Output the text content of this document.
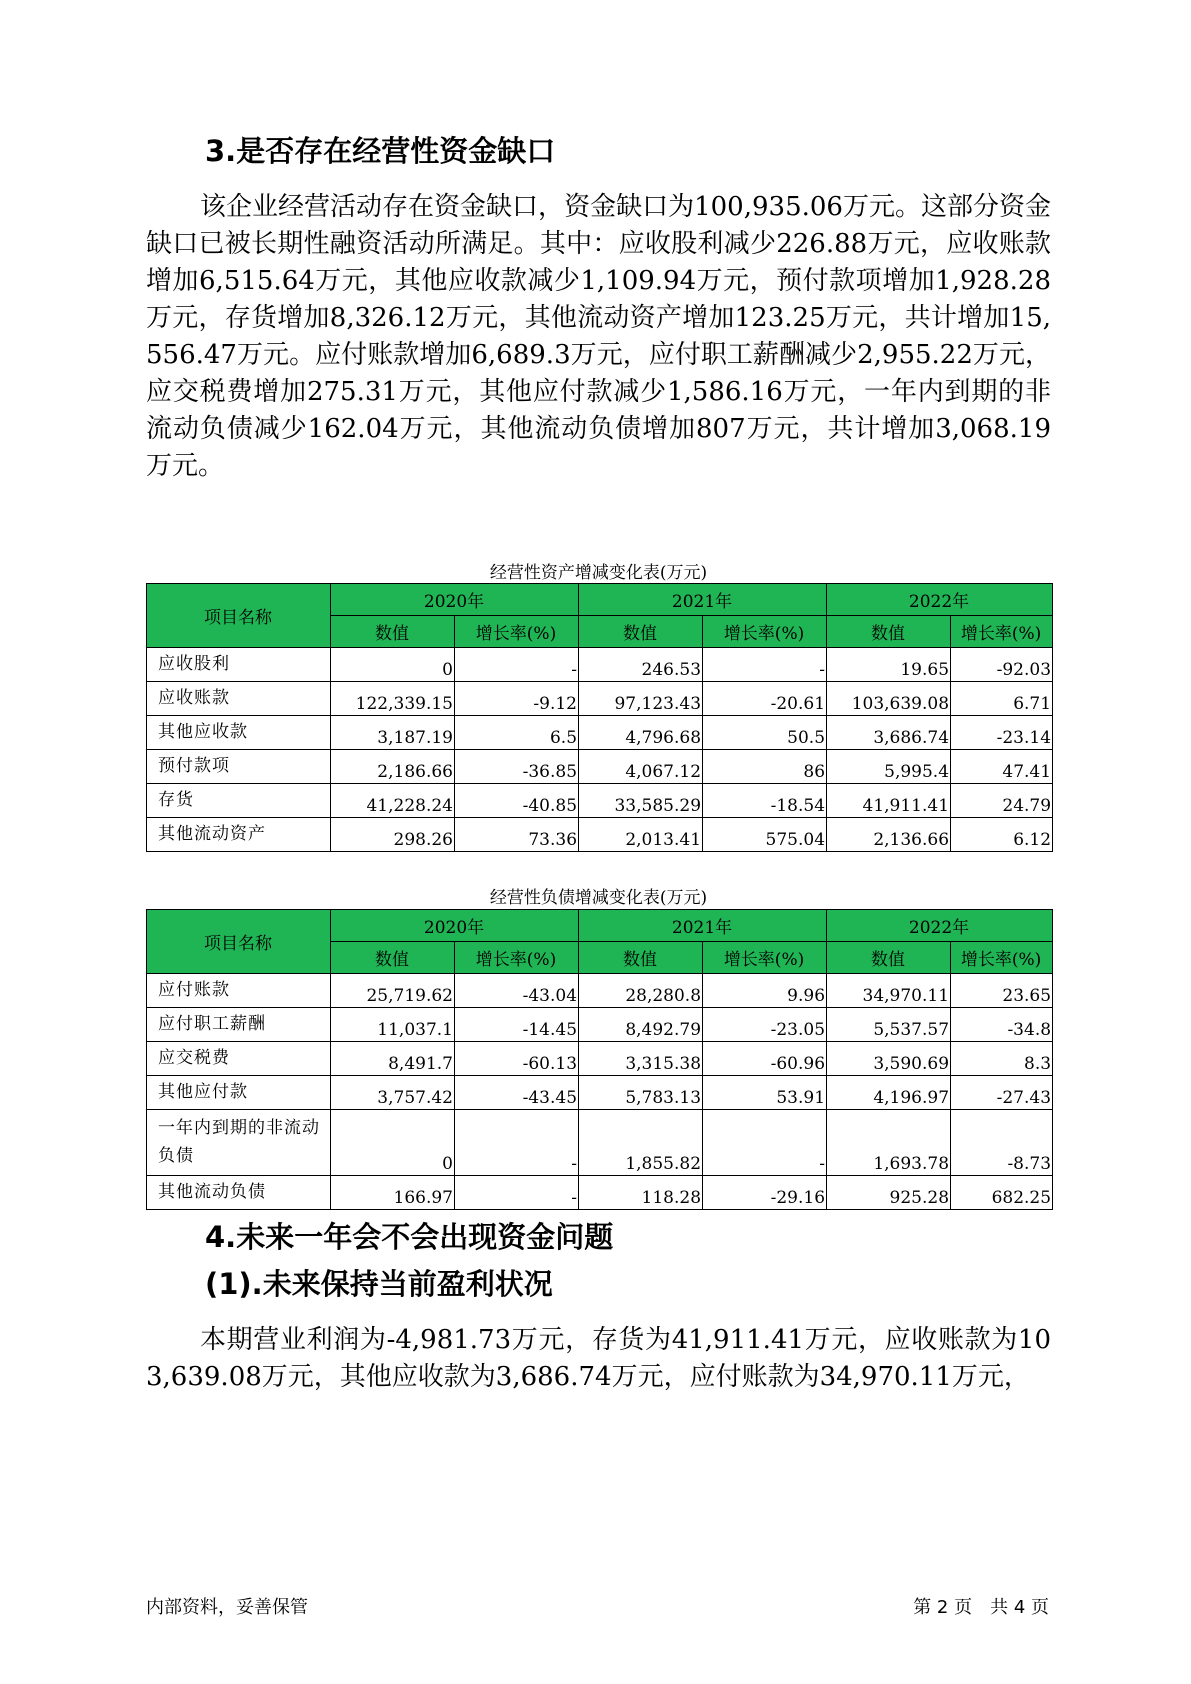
3.是否存在经营性资金缺口

该企业经营活动存在资金缺口，资金缺口为100,935.06万元。这部分资金缺口已被长期性融资活动所满足。其中：应收股利减少226.88万元，应收账款增加6,515.64万元，其他应收款减少1,109.94万元，预付款项增加1,928.28万元，存货增加8,326.12万元，其他流动资产增加123.25万元，共计增加15,556.47万元。应付账款增加6,689.3万元，应付职工薪酬减少2,955.22万元，应交税费增加275.31万元，其他应付款减少1,586.16万元，一年内到期的非流动负债减少162.04万元，其他流动负债增加807万元，共计增加3,068.19万元。

经营性资产增减变化表(万元)

项目名称	2020年		2021年		2022年	
	数值	增长率(%)	数值	增长率(%)	数值	增长率(%)
应收股利	0	-	246.53	-	19.65	-92.03
应收账款	122,339.15	-9.12	97,123.43	-20.61	103,639.08	6.71
其他应收款	3,187.19	6.5	4,796.68	50.5	3,686.74	-23.14
预付款项	2,186.66	-36.85	4,067.12	86	5,995.4	47.41
存货	41,228.24	-40.85	33,585.29	-18.54	41,911.41	24.79
其他流动资产	298.26	73.36	2,013.41	575.04	2,136.66	6.12

经营性负债增减变化表(万元)

项目名称	2020年		2021年		2022年	
	数值	增长率(%)	数值	增长率(%)	数值	增长率(%)
应付账款	25,719.62	-43.04	28,280.8	9.96	34,970.11	23.65
应付职工薪酬	11,037.1	-14.45	8,492.79	-23.05	5,537.57	-34.8
应交税费	8,491.7	-60.13	3,315.38	-60.96	3,590.69	8.3
其他应付款	3,757.42	-43.45	5,783.13	53.91	4,196.97	-27.43
一年内到期的非流动负债	0	-	1,855.82	-	1,693.78	-8.73
其他流动负债	166.97	-	118.28	-29.16	925.28	682.25
4.未来一年会不会出现资金问题
(1).未来保持当前盈利状况

本期营业利润为-4,981.73万元，存货为41,911.41万元，应收账款为103,639.08万元，其他应收款为3,686.74万元，应付账款为34,970.11万元，

内部资料，妥善保管	第 2 页　共 4 页
